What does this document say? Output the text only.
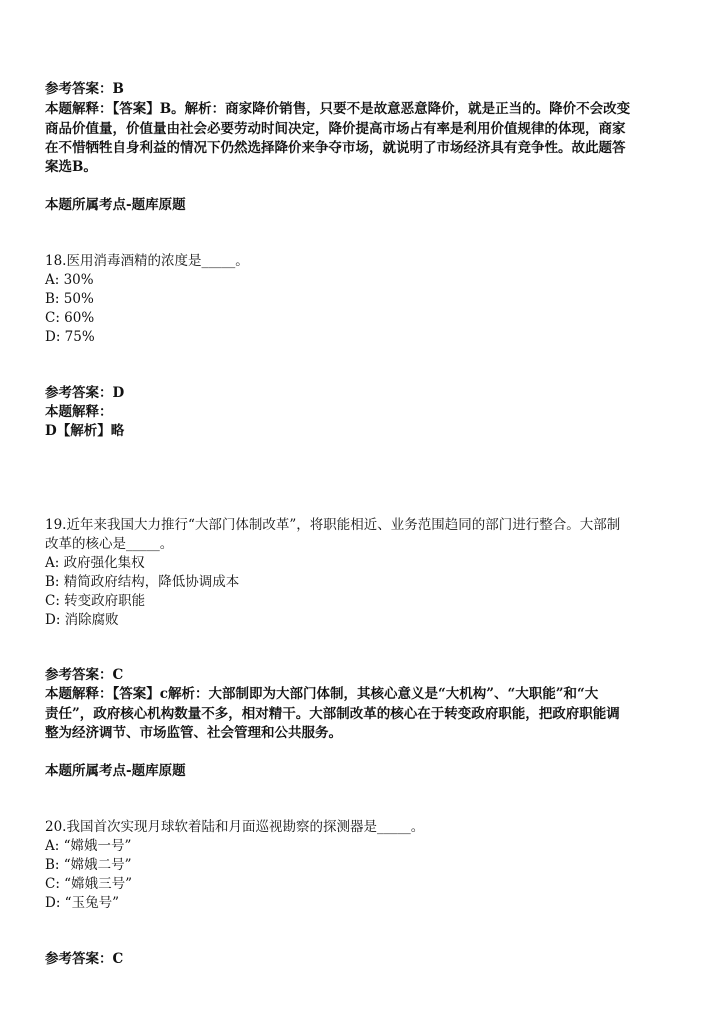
参考答案：B
本题解释：【答案】B。解析：商家降价销售，只要不是故意恶意降价，就是正当的。降价不会改变
商品价值量，价值量由社会必要劳动时间决定，降价提高市场占有率是利用价值规律的体现，商家
在不惜牺牲自身利益的情况下仍然选择降价来争夺市场，就说明了市场经济具有竞争性。故此题答
案选B。
本题所属考点-题库原题
18.医用消毒酒精的浓度是_____。
A: 30%
B: 50%
C: 60%
D: 75%
参考答案：D
本题解释：
D【解析】略
19.近年来我国大力推行“大部门体制改革”，将职能相近、业务范围趋同的部门进行整合。大部制
改革的核心是_____。
A: 政府强化集权
B: 精简政府结构，降低协调成本
C: 转变政府职能
D: 消除腐败
参考答案：C
本题解释：【答案】c解析：大部制即为大部门体制，其核心意义是“大机构”、“大职能”和“大
责任”，政府核心机构数量不多，相对精干。大部制改革的核心在于转变政府职能，把政府职能调
整为经济调节、市场监管、社会管理和公共服务。
本题所属考点-题库原题
20.我国首次实现月球软着陆和月面巡视勘察的探测器是_____。
A: “嫦娥一号”
B: “嫦娥二号”
C: “嫦娥三号”
D: “玉兔号”
参考答案：C
